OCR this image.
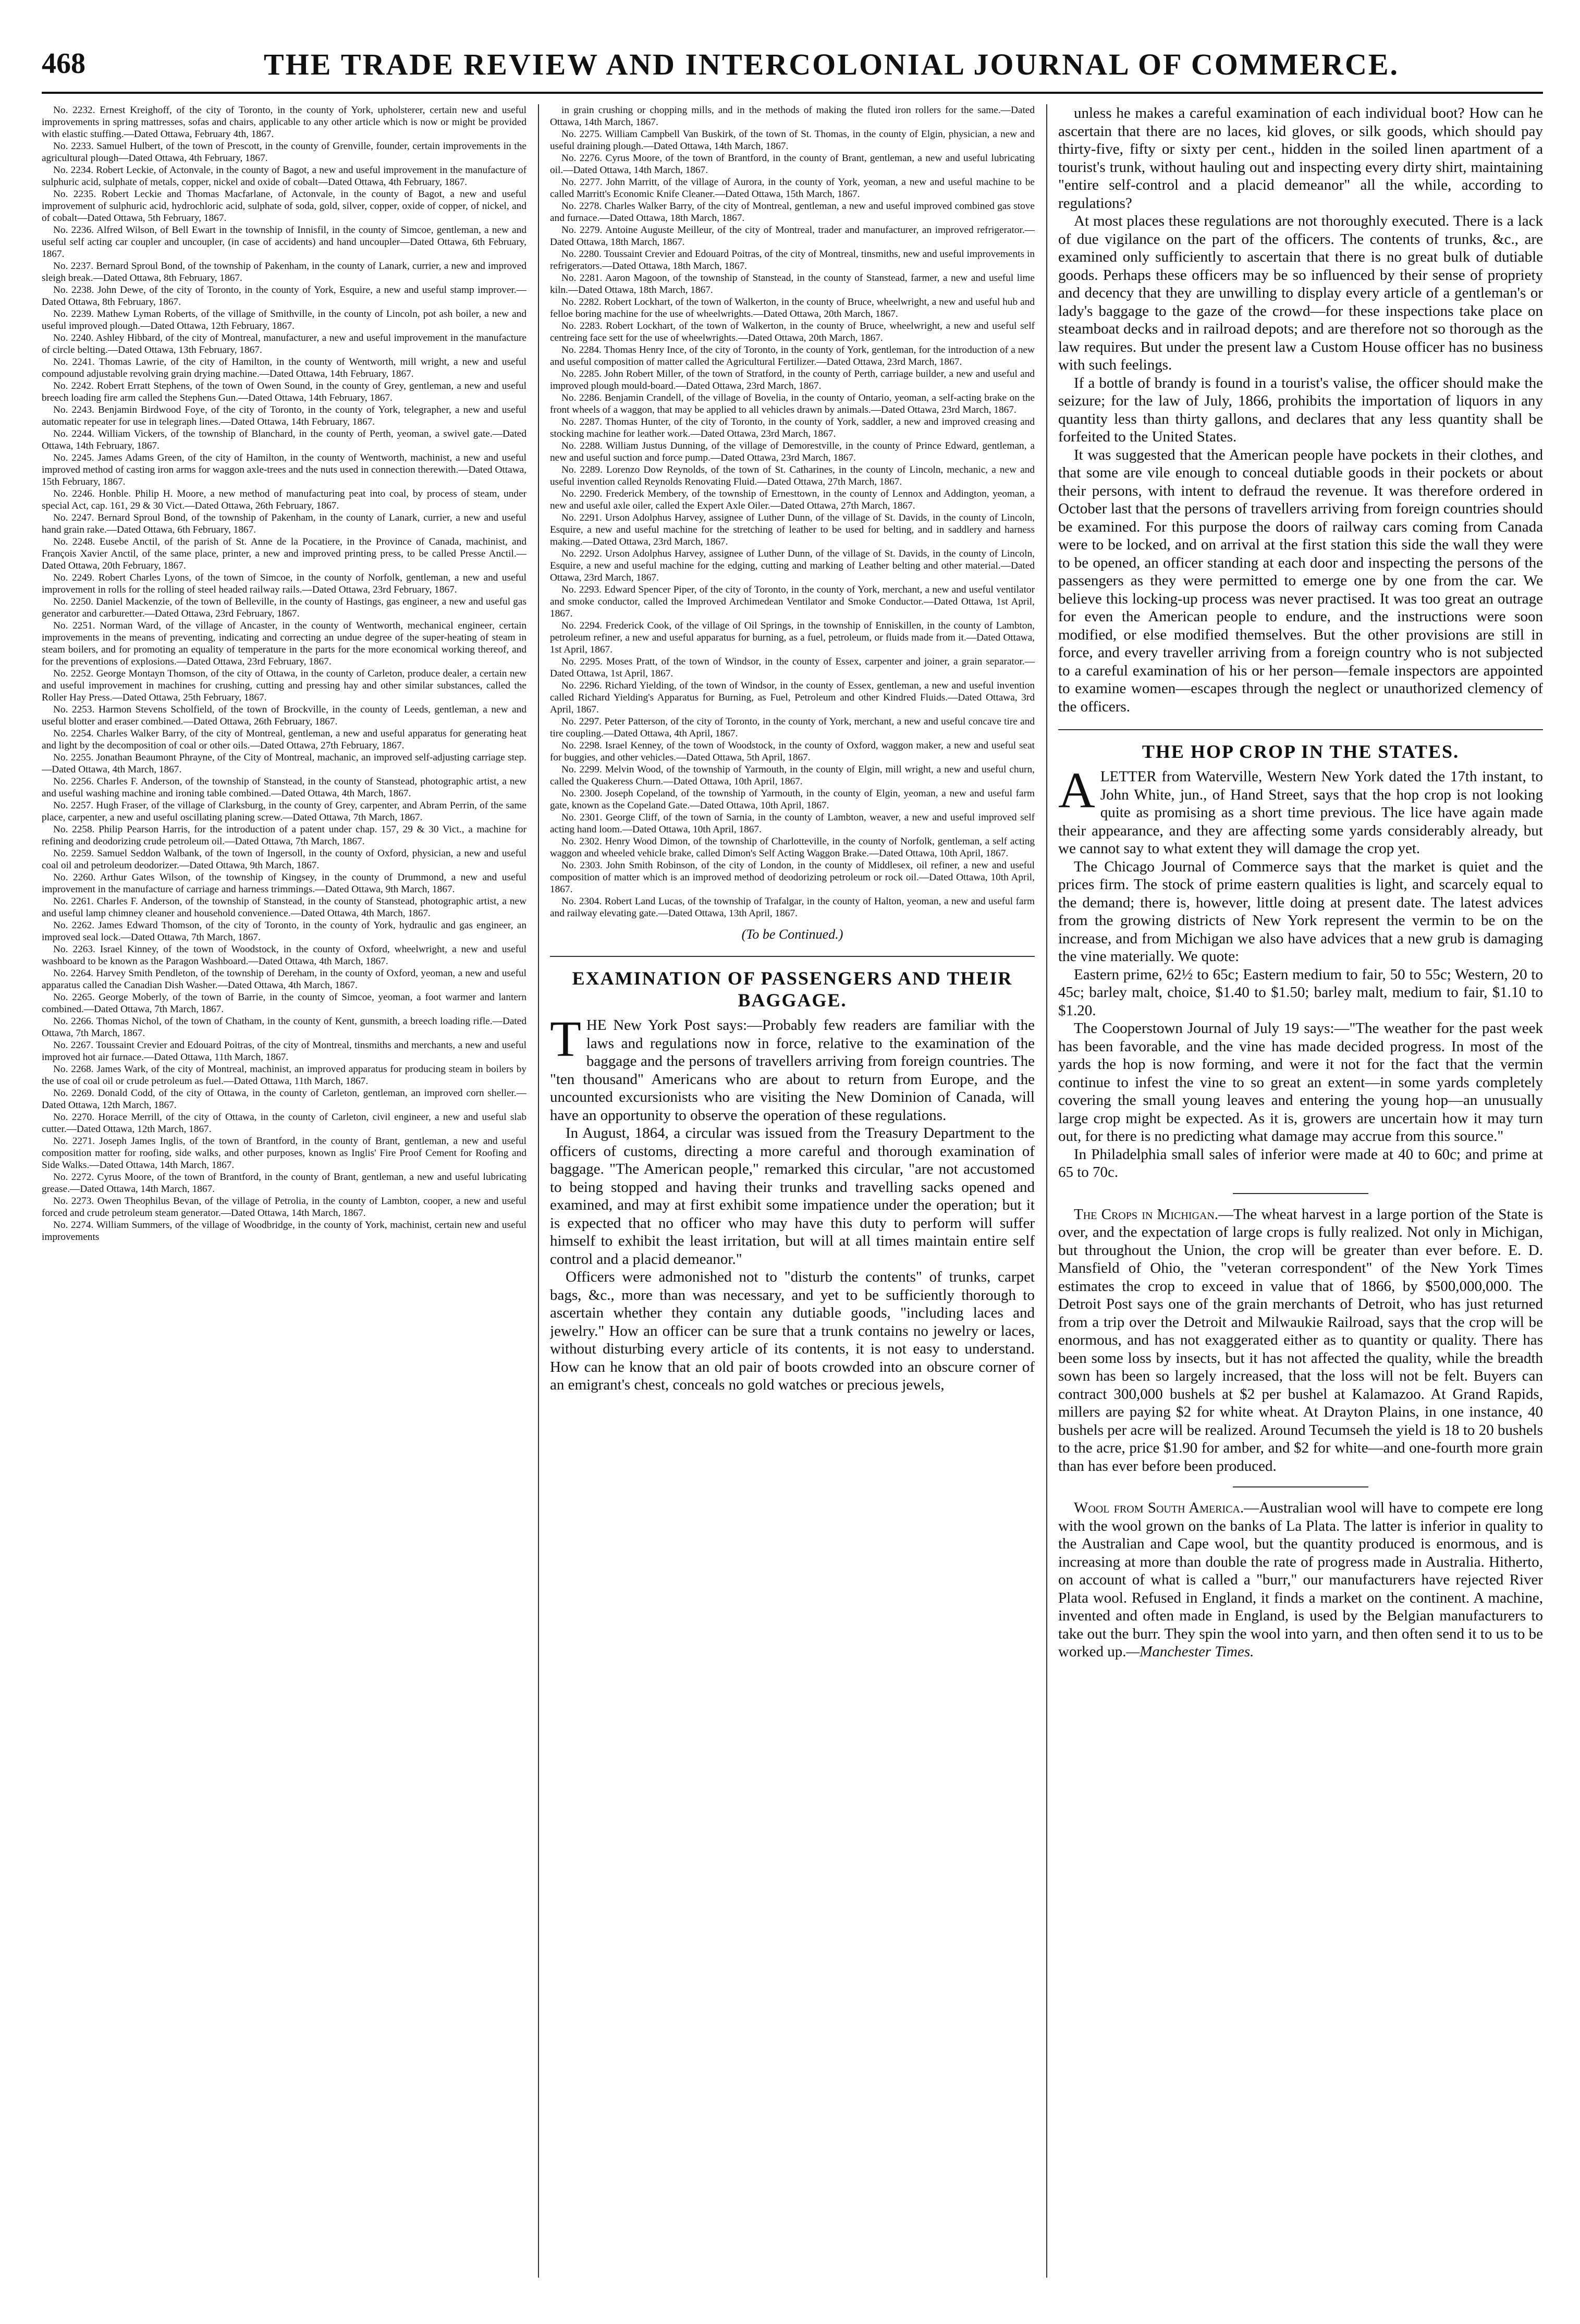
468	THE TRADE REVIEW AND INTERCOLONIAL JOURNAL OF COMMERCE.

No. 2232. Ernest Kreighoff, of the city of Toronto, in the county of York, upholsterer, certain new and useful improvements in spring mattresses, sofas and chairs, applicable to any other article which is now or might be provided with elastic stuffing.—Dated Ottawa, February 4th, 1867.

No. 2233. Samuel Hulbert, of the town of Prescott, in the county of Grenville, founder, certain improvements in the agricultural plough—Dated Ottawa, 4th February, 1867.

No. 2234. Robert Leckie, of Actonvale, in the county of Bagot, a new and useful improvement in the manufacture of sulphuric acid, sulphate of metals, copper, nickel and oxide of cobalt—Dated Ottawa, 4th February, 1867.

No. 2235. Robert Leckie and Thomas Macfarlane, of Actonvale, in the county of Bagot, a new and useful improvement of sulphuric acid, hydrochloric acid, sulphate of soda, gold, silver, copper, oxide of copper, of nickel, and of cobalt—Dated Ottawa, 5th February, 1867.

No. 2236. Alfred Wilson, of Bell Ewart in the township of Innisfil, in the county of Simcoe, gentleman, a new and useful self acting car coupler and uncoupler, (in case of accidents) and hand uncoupler—Dated Ottawa, 6th February, 1867.

No. 2237. Bernard Sproul Bond, of the township of Pakenham, in the county of Lanark, currier, a new and improved sleigh break.—Dated Ottawa, 8th February, 1867.

No. 2238. John Dewe, of the city of Toronto, in the county of York, Esquire, a new and useful stamp improver.—Dated Ottawa, 8th February, 1867.

No. 2239. Mathew Lyman Roberts, of the village of Smithville, in the county of Lincoln, pot ash boiler, a new and useful improved plough.—Dated Ottawa, 12th February, 1867.

No. 2240. Ashley Hibbard, of the city of Montreal, manufacturer, a new and useful improvement in the manufacture of circle belting.—Dated Ottawa, 13th February, 1867.

No. 2241. Thomas Lawrie, of the city of Hamilton, in the county of Wentworth, mill wright, a new and useful compound adjustable revolving grain drying machine.—Dated Ottawa, 14th February, 1867.

No. 2242. Robert Erratt Stephens, of the town of Owen Sound, in the county of Grey, gentleman, a new and useful breech loading fire arm called the Stephens Gun.—Dated Ottawa, 14th February, 1867.

No. 2243. Benjamin Birdwood Foye, of the city of Toronto, in the county of York, telegrapher, a new and useful automatic repeater for use in telegraph lines.—Dated Ottawa, 14th February, 1867.

No. 2244. William Vickers, of the township of Blanchard, in the county of Perth, yeoman, a swivel gate.—Dated Ottawa, 14th February, 1867.

No. 2245. James Adams Green, of the city of Hamilton, in the county of Wentworth, machinist, a new and useful improved method of casting iron arms for waggon axle-trees and the nuts used in connection therewith.—Dated Ottawa, 15th February, 1867.

No. 2246. Honble. Philip H. Moore, a new method of manufacturing peat into coal, by process of steam, under special Act, cap. 161, 29 & 30 Vict.—Dated Ottawa, 26th February, 1867.

No. 2247. Bernard Sproul Bond, of the township of Pakenham, in the county of Lanark, currier, a new and useful hand grain rake.—Dated Ottawa, 6th February, 1867.

No. 2248. Eusebe Anctil, of the parish of St. Anne de la Pocatiere, in the Province of Canada, machinist, and François Xavier Anctil, of the same place, printer, a new and improved printing press, to be called Presse Anctil.—Dated Ottawa, 20th February, 1867.

No. 2249. Robert Charles Lyons, of the town of Simcoe, in the county of Norfolk, gentleman, a new and useful improvement in rolls for the rolling of steel headed railway rails.—Dated Ottawa, 23rd February, 1867.

No. 2250. Daniel Mackenzie, of the town of Belleville, in the county of Hastings, gas engineer, a new and useful gas generator and carburetter.—Dated Ottawa, 23rd February, 1867.

No. 2251. Norman Ward, of the village of Ancaster, in the county of Wentworth, mechanical engineer, certain improvements in the means of preventing, indicating and correcting an undue degree of the super-heating of steam in steam boilers, and for promoting an equality of temperature in the parts for the more economical working thereof, and for the preventions of explosions.—Dated Ottawa, 23rd February, 1867.

No. 2252. George Montayn Thomson, of the city of Ottawa, in the county of Carleton, produce dealer, a certain new and useful improvement in machines for crushing, cutting and pressing hay and other similar substances, called the Roller Hay Press.—Dated Ottawa, 25th February, 1867.

No. 2253. Harmon Stevens Scholfield, of the town of Brockville, in the county of Leeds, gentleman, a new and useful blotter and eraser combined.—Dated Ottawa, 26th February, 1867.

No. 2254. Charles Walker Barry, of the city of Montreal, gentleman, a new and useful apparatus for generating heat and light by the decomposition of coal or other oils.—Dated Ottawa, 27th February, 1867.

No. 2255. Jonathan Beaumont Phrayne, of the City of Montreal, machanic, an improved self-adjusting carriage step.—Dated Ottawa, 4th March, 1867.

No. 2256. Charles F. Anderson, of the township of Stanstead, in the county of Stanstead, photographic artist, a new and useful washing machine and ironing table combined.—Dated Ottawa, 4th March, 1867.

No. 2257. Hugh Fraser, of the village of Clarksburg, in the county of Grey, carpenter, and Abram Perrin, of the same place, carpenter, a new and useful oscillating planing screw.—Dated Ottawa, 7th March, 1867.

No. 2258. Philip Pearson Harris, for the introduction of a patent under chap. 157, 29 & 30 Vict., a machine for refining and deodorizing crude petroleum oil.—Dated Ottawa, 7th March, 1867.

No. 2259. Samuel Seddon Walbank, of the town of Ingersoll, in the county of Oxford, physician, a new and useful coal oil and petroleum deodorizer.—Dated Ottawa, 9th March, 1867.

No. 2260. Arthur Gates Wilson, of the township of Kingsey, in the county of Drummond, a new and useful improvement in the manufacture of carriage and harness trimmings.—Dated Ottawa, 9th March, 1867.

No. 2261. Charles F. Anderson, of the township of Stanstead, in the county of Stanstead, photographic artist, a new and useful lamp chimney cleaner and household convenience.—Dated Ottawa, 4th March, 1867.

No. 2262. James Edward Thomson, of the city of Toronto, in the county of York, hydraulic and gas engineer, an improved seal lock.—Dated Ottawa, 7th March, 1867.

No. 2263. Israel Kinney, of the town of Woodstock, in the county of Oxford, wheelwright, a new and useful washboard to be known as the Paragon Washboard.—Dated Ottawa, 4th March, 1867.

No. 2264. Harvey Smith Pendleton, of the township of Dereham, in the county of Oxford, yeoman, a new and useful apparatus called the Canadian Dish Washer.—Dated Ottawa, 4th March, 1867.

No. 2265. George Moberly, of the town of Barrie, in the county of Simcoe, yeoman, a foot warmer and lantern combined.—Dated Ottawa, 7th March, 1867.

No. 2266. Thomas Nichol, of the town of Chatham, in the county of Kent, gunsmith, a breech loading rifle.—Dated Ottawa, 7th March, 1867.

No. 2267. Toussaint Crevier and Edouard Poitras, of the city of Montreal, tinsmiths and merchants, a new and useful improved hot air furnace.—Dated Ottawa, 11th March, 1867.

No. 2268. James Wark, of the city of Montreal, machinist, an improved apparatus for producing steam in boilers by the use of coal oil or crude petroleum as fuel.—Dated Ottawa, 11th March, 1867.

No. 2269. Donald Codd, of the city of Ottawa, in the county of Carleton, gentleman, an improved corn sheller.—Dated Ottawa, 12th March, 1867.

No. 2270. Horace Merrill, of the city of Ottawa, in the county of Carleton, civil engineer, a new and useful slab cutter.—Dated Ottawa, 12th March, 1867.

No. 2271. Joseph James Inglis, of the town of Brantford, in the county of Brant, gentleman, a new and useful composition matter for roofing, side walks, and other purposes, known as Inglis' Fire Proof Cement for Roofing and Side Walks.—Dated Ottawa, 14th March, 1867.

No. 2272. Cyrus Moore, of the town of Brantford, in the county of Brant, gentleman, a new and useful lubricating grease.—Dated Ottawa, 14th March, 1867.

No. 2273. Owen Theophilus Bevan, of the village of Petrolia, in the county of Lambton, cooper, a new and useful forced and crude petroleum steam generator.—Dated Ottawa, 14th March, 1867.

No. 2274. William Summers, of the village of Woodbridge, in the county of York, machinist, certain new and useful improvements

in grain crushing or chopping mills, and in the methods of making the fluted iron rollers for the same.—Dated Ottawa, 14th March, 1867.

No. 2275. William Campbell Van Buskirk, of the town of St. Thomas, in the county of Elgin, physician, a new and useful draining plough.—Dated Ottawa, 14th March, 1867.

No. 2276. Cyrus Moore, of the town of Brantford, in the county of Brant, gentleman, a new and useful lubricating oil.—Dated Ottawa, 14th March, 1867.

No. 2277. John Marritt, of the village of Aurora, in the county of York, yeoman, a new and useful machine to be called Marritt's Economic Knife Cleaner.—Dated Ottawa, 15th March, 1867.

No. 2278. Charles Walker Barry, of the city of Montreal, gentleman, a new and useful improved combined gas stove and furnace.—Dated Ottawa, 18th March, 1867.

No. 2279. Antoine Auguste Meilleur, of the city of Montreal, trader and manufacturer, an improved refrigerator.—Dated Ottawa, 18th March, 1867.

No. 2280. Toussaint Crevier and Edouard Poitras, of the city of Montreal, tinsmiths, new and useful improvements in refrigerators.—Dated Ottawa, 18th March, 1867.

No. 2281. Aaron Magoon, of the township of Stanstead, in the county of Stanstead, farmer, a new and useful lime kiln.—Dated Ottawa, 18th March, 1867.

No. 2282. Robert Lockhart, of the town of Walkerton, in the county of Bruce, wheelwright, a new and useful hub and felloe boring machine for the use of wheelwrights.—Dated Ottawa, 20th March, 1867.

No. 2283. Robert Lockhart, of the town of Walkerton, in the county of Bruce, wheelwright, a new and useful self centreing face sett for the use of wheelwrights.—Dated Ottawa, 20th March, 1867.

No. 2284. Thomas Henry Ince, of the city of Toronto, in the county of York, gentleman, for the introduction of a new and useful composition of matter called the Agricultural Fertilizer.—Dated Ottawa, 23rd March, 1867.

No. 2285. John Robert Miller, of the town of Stratford, in the county of Perth, carriage builder, a new and useful and improved plough mould-board.—Dated Ottawa, 23rd March, 1867.

No. 2286. Benjamin Crandell, of the village of Bovelia, in the county of Ontario, yeoman, a self-acting brake on the front wheels of a waggon, that may be applied to all vehicles drawn by animals.—Dated Ottawa, 23rd March, 1867.

No. 2287. Thomas Hunter, of the city of Toronto, in the county of York, saddler, a new and improved creasing and stocking machine for leather work.—Dated Ottawa, 23rd March, 1867.

No. 2288. William Justus Dunning, of the village of Demorestville, in the county of Prince Edward, gentleman, a new and useful suction and force pump.—Dated Ottawa, 23rd March, 1867.

No. 2289. Lorenzo Dow Reynolds, of the town of St. Catharines, in the county of Lincoln, mechanic, a new and useful invention called Reynolds Renovating Fluid.—Dated Ottawa, 27th March, 1867.

No. 2290. Frederick Membery, of the township of Ernesttown, in the county of Lennox and Addington, yeoman, a new and useful axle oiler, called the Expert Axle Oiler.—Dated Ottawa, 27th March, 1867.

No. 2291. Urson Adolphus Harvey, assignee of Luther Dunn, of the village of St. Davids, in the county of Lincoln, Esquire, a new and useful machine for the stretching of leather to be used for belting, and in saddlery and harness making.—Dated Ottawa, 23rd March, 1867.

No. 2292. Urson Adolphus Harvey, assignee of Luther Dunn, of the village of St. Davids, in the county of Lincoln, Esquire, a new and useful machine for the edging, cutting and marking of Leather belting and other material.—Dated Ottawa, 23rd March, 1867.

No. 2293. Edward Spencer Piper, of the city of Toronto, in the county of York, merchant, a new and useful ventilator and smoke conductor, called the Improved Archimedean Ventilator and Smoke Conductor.—Dated Ottawa, 1st April, 1867.

No. 2294. Frederick Cook, of the village of Oil Springs, in the township of Enniskillen, in the county of Lambton, petroleum refiner, a new and useful apparatus for burning, as a fuel, petroleum, or fluids made from it.—Dated Ottawa, 1st April, 1867.

No. 2295. Moses Pratt, of the town of Windsor, in the county of Essex, carpenter and joiner, a grain separator.—Dated Ottawa, 1st April, 1867.

No. 2296. Richard Yielding, of the town of Windsor, in the county of Essex, gentleman, a new and useful invention called Richard Yielding's Apparatus for Burning, as Fuel, Petroleum and other Kindred Fluids.—Dated Ottawa, 3rd April, 1867.

No. 2297. Peter Patterson, of the city of Toronto, in the county of York, merchant, a new and useful concave tire and tire coupling.—Dated Ottawa, 4th April, 1867.

No. 2298. Israel Kenney, of the town of Woodstock, in the county of Oxford, waggon maker, a new and useful seat for buggies, and other vehicles.—Dated Ottawa, 5th April, 1867.

No. 2299. Melvin Wood, of the township of Yarmouth, in the county of Elgin, mill wright, a new and useful churn, called the Quakeress Churn.—Dated Ottawa, 10th April, 1867.

No. 2300. Joseph Copeland, of the township of Yarmouth, in the county of Elgin, yeoman, a new and useful farm gate, known as the Copeland Gate.—Dated Ottawa, 10th April, 1867.

No. 2301. George Cliff, of the town of Sarnia, in the county of Lambton, weaver, a new and useful improved self acting hand loom.—Dated Ottawa, 10th April, 1867.

No. 2302. Henry Wood Dimon, of the township of Charlotteville, in the county of Norfolk, gentleman, a self acting waggon and wheeled vehicle brake, called Dimon's Self Acting Waggon Brake.—Dated Ottawa, 10th April, 1867.

No. 2303. John Smith Robinson, of the city of London, in the county of Middlesex, oil refiner, a new and useful composition of matter which is an improved method of deodorizing petroleum or rock oil.—Dated Ottawa, 10th April, 1867.

No. 2304. Robert Land Lucas, of the township of Trafalgar, in the county of Halton, yeoman, a new and useful farm and railway elevating gate.—Dated Ottawa, 13th April, 1867.

(To be Continued.)

EXAMINATION OF PASSENGERS AND THEIR BAGGAGE.

THE New York Post says:—Probably few readers are familiar with the laws and regulations now in force, relative to the examination of the baggage and the persons of travellers arriving from foreign countries. The "ten thousand" Americans who are about to return from Europe, and the uncounted excursionists who are visiting the New Dominion of Canada, will have an opportunity to observe the operation of these regulations.

In August, 1864, a circular was issued from the Treasury Department to the officers of customs, directing a more careful and thorough examination of baggage. "The American people," remarked this circular, "are not accustomed to being stopped and having their trunks and travelling sacks opened and examined, and may at first exhibit some impatience under the operation; but it is expected that no officer who may have this duty to perform will suffer himself to exhibit the least irritation, but will at all times maintain entire self control and a placid demeanor."

Officers were admonished not to "disturb the contents" of trunks, carpet bags, &c., more than was necessary, and yet to be sufficiently thorough to ascertain whether they contain any dutiable goods, "including laces and jewelry." How an officer can be sure that a trunk contains no jewelry or laces, without disturbing every article of its contents, it is not easy to understand. How can he know that an old pair of boots crowded into an obscure corner of an emigrant's chest, conceals no gold watches or precious jewels,

unless he makes a careful examination of each individual boot? How can he ascertain that there are no laces, kid gloves, or silk goods, which should pay thirty-five, fifty or sixty per cent., hidden in the soiled linen apartment of a tourist's trunk, without hauling out and inspecting every dirty shirt, maintaining "entire self-control and a placid demeanor" all the while, according to regulations?

At most places these regulations are not thoroughly executed. There is a lack of due vigilance on the part of the officers. The contents of trunks, &c., are examined only sufficiently to ascertain that there is no great bulk of dutiable goods. Perhaps these officers may be so influenced by their sense of propriety and decency that they are unwilling to display every article of a gentleman's or lady's baggage to the gaze of the crowd—for these inspections take place on steamboat decks and in railroad depots; and are therefore not so thorough as the law requires. But under the present law a Custom House officer has no business with such feelings.

If a bottle of brandy is found in a tourist's valise, the officer should make the seizure; for the law of July, 1866, prohibits the importation of liquors in any quantity less than thirty gallons, and declares that any less quantity shall be forfeited to the United States.

It was suggested that the American people have pockets in their clothes, and that some are vile enough to conceal dutiable goods in their pockets or about their persons, with intent to defraud the revenue. It was therefore ordered in October last that the persons of travellers arriving from foreign countries should be examined. For this purpose the doors of railway cars coming from Canada were to be locked, and on arrival at the first station this side the wall they were to be opened, an officer standing at each door and inspecting the persons of the passengers as they were permitted to emerge one by one from the car. We believe this locking-up process was never practised. It was too great an outrage for even the American people to endure, and the instructions were soon modified, or else modified themselves. But the other provisions are still in force, and every traveller arriving from a foreign country who is not subjected to a careful examination of his or her person—female inspectors are appointed to examine women—escapes through the neglect or unauthorized clemency of the officers.

THE HOP CROP IN THE STATES.

A LETTER from Waterville, Western New York dated the 17th instant, to John White, jun., of Hand Street, says that the hop crop is not looking quite as promising as a short time previous. The lice have again made their appearance, and they are affecting some yards considerably already, but we cannot say to what extent they will damage the crop yet.

The Chicago Journal of Commerce says that the market is quiet and the prices firm. The stock of prime eastern qualities is light, and scarcely equal to the demand; there is, however, little doing at present date. The latest advices from the growing districts of New York represent the vermin to be on the increase, and from Michigan we also have advices that a new grub is damaging the vine materially. We quote:

Eastern prime, 62½ to 65c; Eastern medium to fair, 50 to 55c; Western, 20 to 45c; barley malt, choice, $1.40 to $1.50; barley malt, medium to fair, $1.10 to $1.20.

The Cooperstown Journal of July 19 says:—"The weather for the past week has been favorable, and the vine has made decided progress. In most of the yards the hop is now forming, and were it not for the fact that the vermin continue to infest the vine to so great an extent—in some yards completely covering the small young leaves and entering the young hop—an unusually large crop might be expected. As it is, growers are uncertain how it may turn out, for there is no predicting what damage may accrue from this source."

In Philadelphia small sales of inferior were made at 40 to 60c; and prime at 65 to 70c.

The Crops in Michigan.—The wheat harvest in a large portion of the State is over, and the expectation of large crops is fully realized. Not only in Michigan, but throughout the Union, the crop will be greater than ever before. E. D. Mansfield of Ohio, the "veteran correspondent" of the New York Times estimates the crop to exceed in value that of 1866, by $500,000,000. The Detroit Post says one of the grain merchants of Detroit, who has just returned from a trip over the Detroit and Milwaukie Railroad, says that the crop will be enormous, and has not exaggerated either as to quantity or quality. There has been some loss by insects, but it has not affected the quality, while the breadth sown has been so largely increased, that the loss will not be felt. Buyers can contract 300,000 bushels at $2 per bushel at Kalamazoo. At Grand Rapids, millers are paying $2 for white wheat. At Drayton Plains, in one instance, 40 bushels per acre will be realized. Around Tecumseh the yield is 18 to 20 bushels to the acre, price $1.90 for amber, and $2 for white—and one-fourth more grain than has ever before been produced.

Wool from South America.—Australian wool will have to compete ere long with the wool grown on the banks of La Plata. The latter is inferior in quality to the Australian and Cape wool, but the quantity produced is enormous, and is increasing at more than double the rate of progress made in Australia. Hitherto, on account of what is called a "burr," our manufacturers have rejected River Plata wool. Refused in England, it finds a market on the continent. A machine, invented and often made in England, is used by the Belgian manufacturers to take out the burr. They spin the wool into yarn, and then often send it to us to be worked up.—Manchester Times.
